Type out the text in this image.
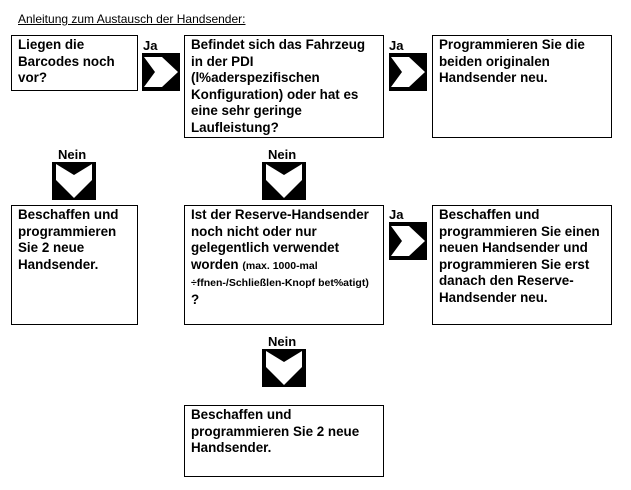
Anleitung zum Austausch der Handsender:
Liegen die Barcodes noch vor?
Ja	Befindet sich das Fahrzeug in der PDI (l%aderspezifischen Konfiguration) oder hat es eine sehr geringe Laufleistung?
Ja	Programmieren Sie die beiden originalen Handsender neu.
Nein	Nein
Beschaffen und programmieren Sie 2 neue Handsender.
Ist der Reserve-Handsender noch nicht oder nur gelegentlich verwendet worden (max. 1000-mal ÷ffnen-/Schließlen-Knopf bet%atigt) ?
Ja	Beschaffen und programmieren Sie einen neuen Handsender und programmieren Sie erst danach den Reserve-Handsender neu.
Nein
Beschaffen und programmieren Sie 2 neue Handsender.
